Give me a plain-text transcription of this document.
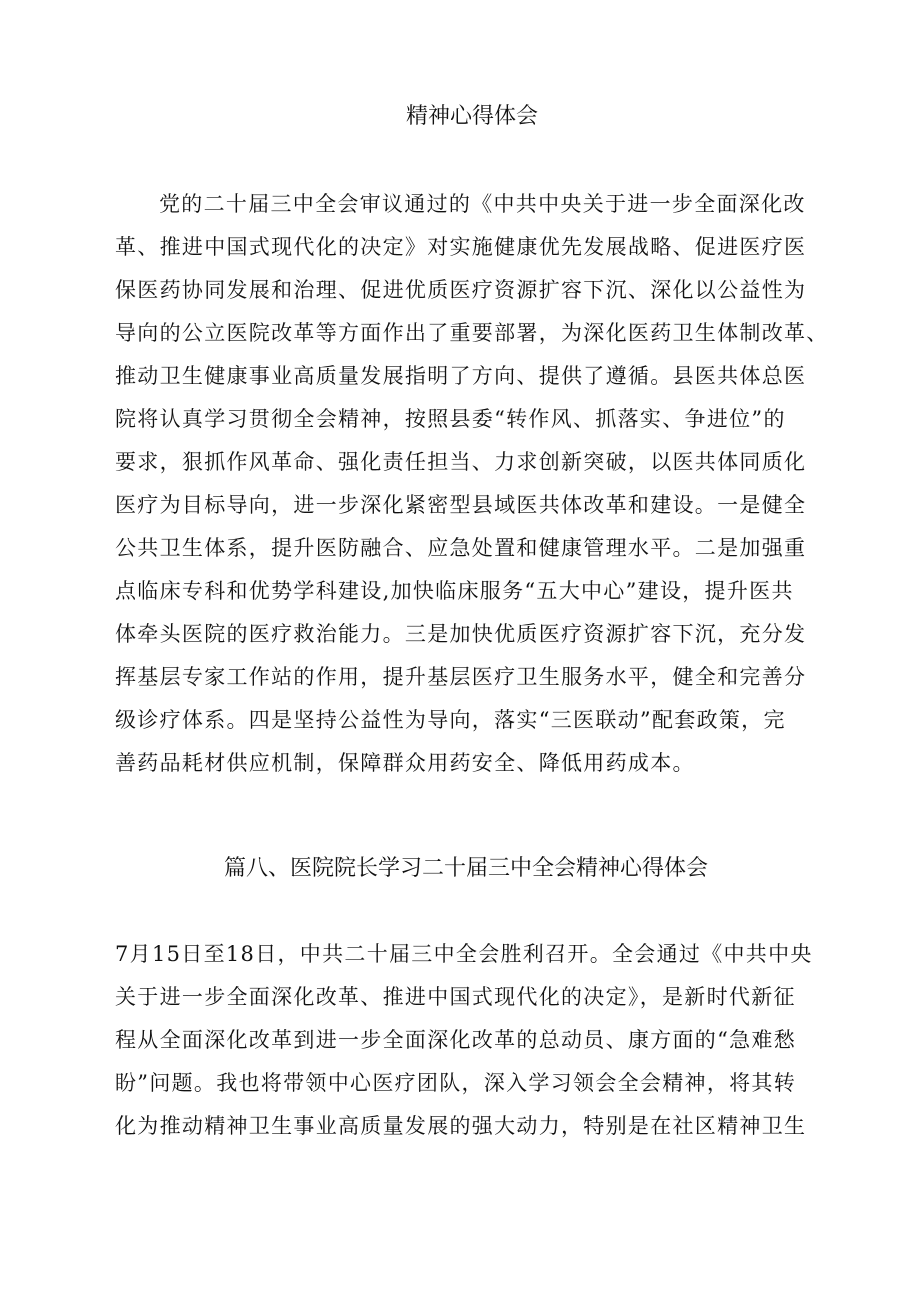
精神心得体会
党的二十届三中全会审议通过的《中共中央关于进一步全面深化改
革、推进中国式现代化的决定》对实施健康优先发展战略、促进医疗医
保医药协同发展和治理、促进优质医疗资源扩容下沉、深化以公益性为
导向的公立医院改革等方面作出了重要部署，为深化医药卫生体制改革、
推动卫生健康事业高质量发展指明了方向、提供了遵循。县医共体总医
院将认真学习贯彻全会精神，按照县委“转作风、抓落实、争进位”的
要求，狠抓作风革命、强化责任担当、力求创新突破，以医共体同质化
医疗为目标导向，进一步深化紧密型县域医共体改革和建设。一是健全
公共卫生体系，提升医防融合、应急处置和健康管理水平。二是加强重
点临床专科和优势学科建设,加快临床服务“五大中心”建设，提升医共
体牵头医院的医疗救治能力。三是加快优质医疗资源扩容下沉，充分发
挥基层专家工作站的作用，提升基层医疗卫生服务水平，健全和完善分
级诊疗体系。四是坚持公益性为导向，落实“三医联动”配套政策，完
善药品耗材供应机制，保障群众用药安全、降低用药成本。
篇八、医院院长学习二十届三中全会精神心得体会
7月15日至18日，中共二十届三中全会胜利召开。全会通过《中共中央
关于进一步全面深化改革、推进中国式现代化的决定》，是新时代新征
程从全面深化改革到进一步全面深化改革的总动员、康方面的“急难愁
盼”问题。我也将带领中心医疗团队，深入学习领会全会精神，将其转
化为推动精神卫生事业高质量发展的强大动力，特别是在社区精神卫生
